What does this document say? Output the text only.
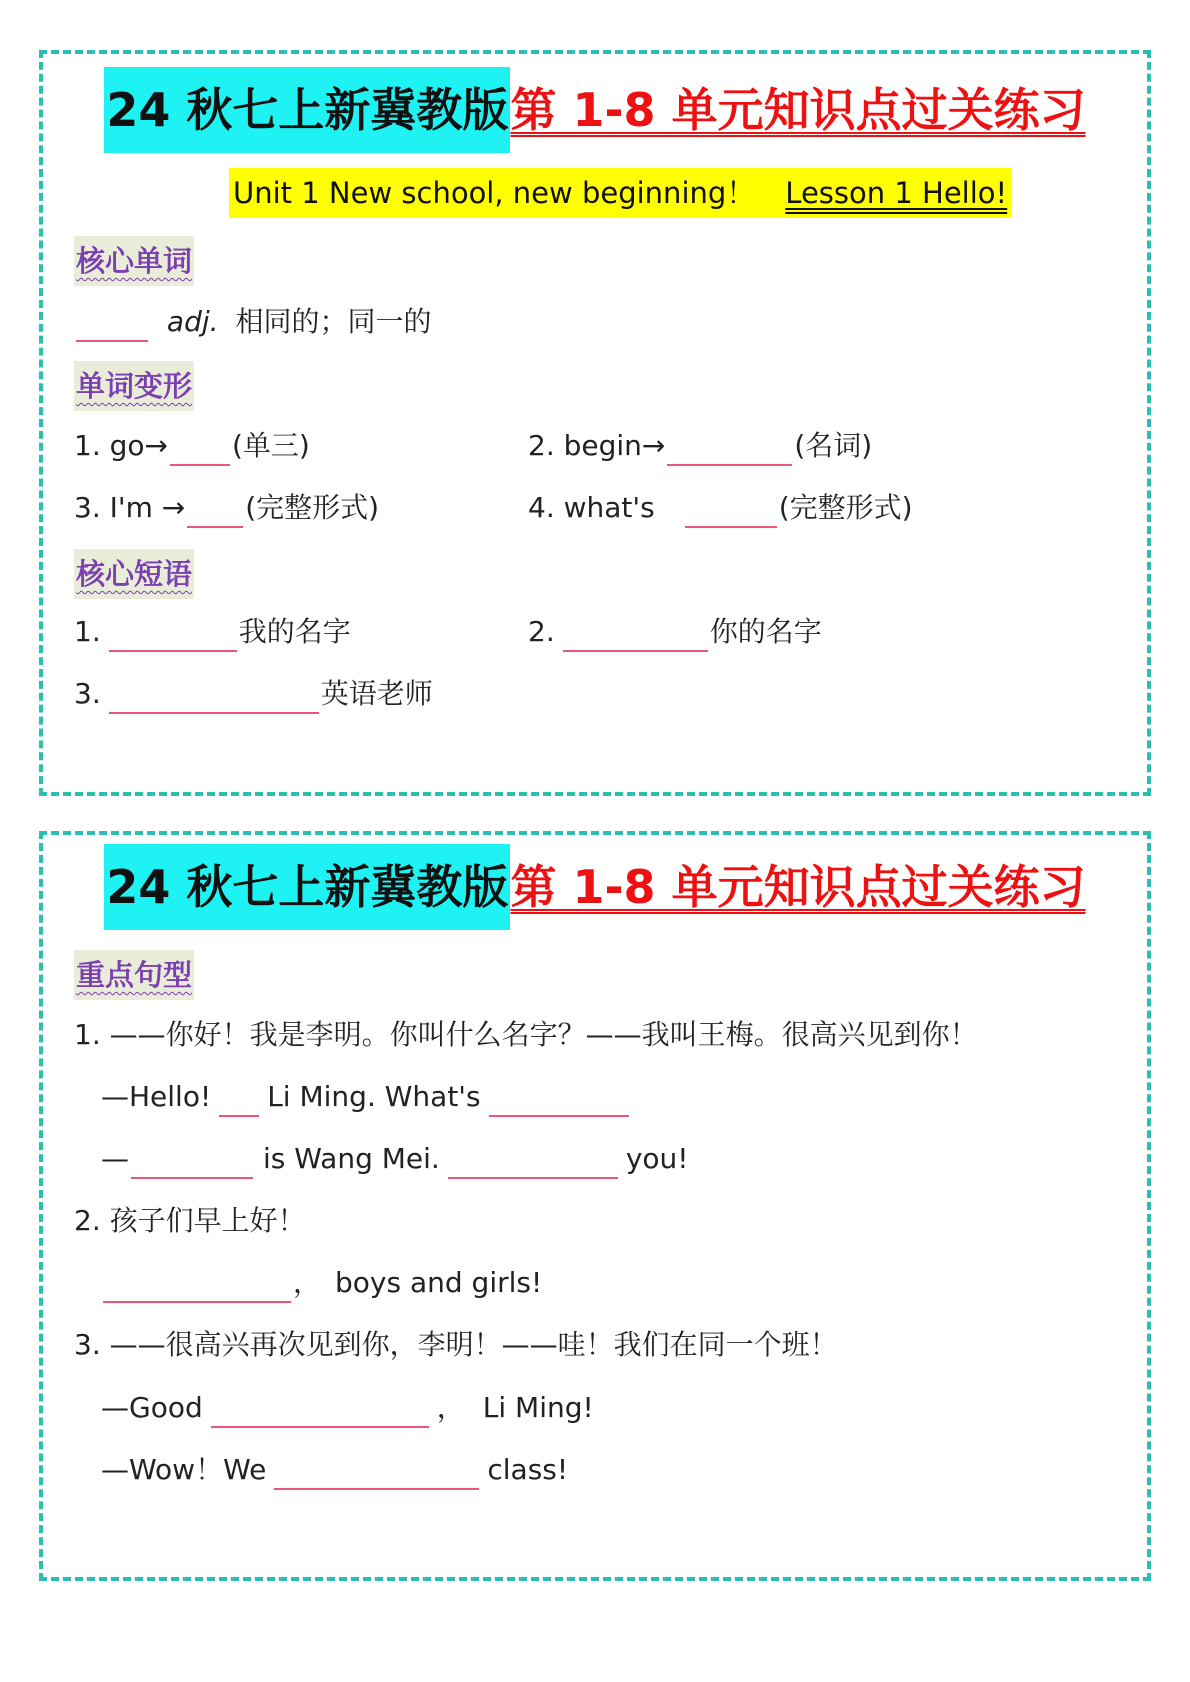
24 秋七上新冀教版第 1-8 单元知识点过关练习
Unit 1 New school, new beginning！ Lesson 1 Hello!
核心单词
adj. 相同的；同一的
单词变形
1. go→ (单三)	2. begin→	(名词)
3. I'm → (完整形式)	4. what's	(完整形式)
核心短语
1.	我的名字	2.	你的名字
3.	英语老师
24 秋七上新冀教版第 1-8 单元知识点过关练习
重点句型
1. ——你好！我是李明。你叫什么名字？——我叫王梅。很高兴见到你！
—Hello! Li Ming. What's
—	is Wang Mei.	you!
2. 孩子们早上好！
， boys and girls!
3. ——很高兴再次见到你，李明！——哇！我们在同一个班！
—Good	， Li Ming!
—Wow！We	class!
